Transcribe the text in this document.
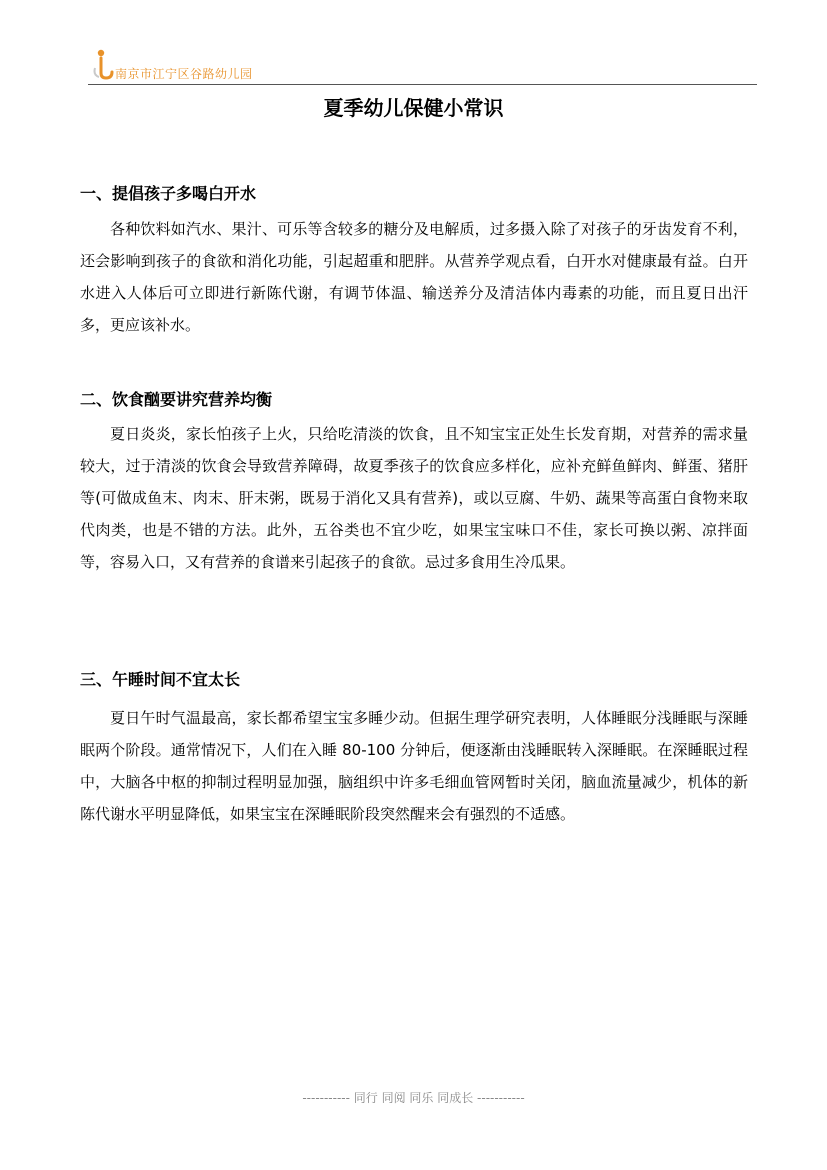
南京市江宁区谷路幼儿园
夏季幼儿保健小常识
一、提倡孩子多喝白开水
各种饮料如汽水、果汁、可乐等含较多的糖分及电解质，过多摄入除了对孩子的牙齿发育不利，还会影响到孩子的食欲和消化功能，引起超重和肥胖。从营养学观点看，白开水对健康最有益。白开水进入人体后可立即进行新陈代谢，有调节体温、输送养分及清洁体内毒素的功能，而且夏日出汗多，更应该补水。
二、饮食酗要讲究营养均衡
夏日炎炎，家长怕孩子上火，只给吃清淡的饮食，且不知宝宝正处生长发育期，对营养的需求量较大，过于清淡的饮食会导致营养障碍，故夏季孩子的饮食应多样化，应补充鲜鱼鲜肉、鲜蛋、猪肝等(可做成鱼末、肉末、肝末粥，既易于消化又具有营养)，或以豆腐、牛奶、蔬果等高蛋白食物来取代肉类，也是不错的方法。此外，五谷类也不宜少吃，如果宝宝味口不佳，家长可换以粥、凉拌面等，容易入口，又有营养的食谱来引起孩子的食欲。忌过多食用生冷瓜果。
三、午睡时间不宜太长
夏日午时气温最高，家长都希望宝宝多睡少动。但据生理学研究表明，人体睡眠分浅睡眠与深睡眠两个阶段。通常情况下，人们在入睡 80-100 分钟后，便逐渐由浅睡眠转入深睡眠。在深睡眠过程中，大脑各中枢的抑制过程明显加强，脑组织中许多毛细血管网暂时关闭，脑血流量减少，机体的新陈代谢水平明显降低，如果宝宝在深睡眠阶段突然醒来会有强烈的不适感。
----------- 同行 同阅 同乐 同成长 -----------
